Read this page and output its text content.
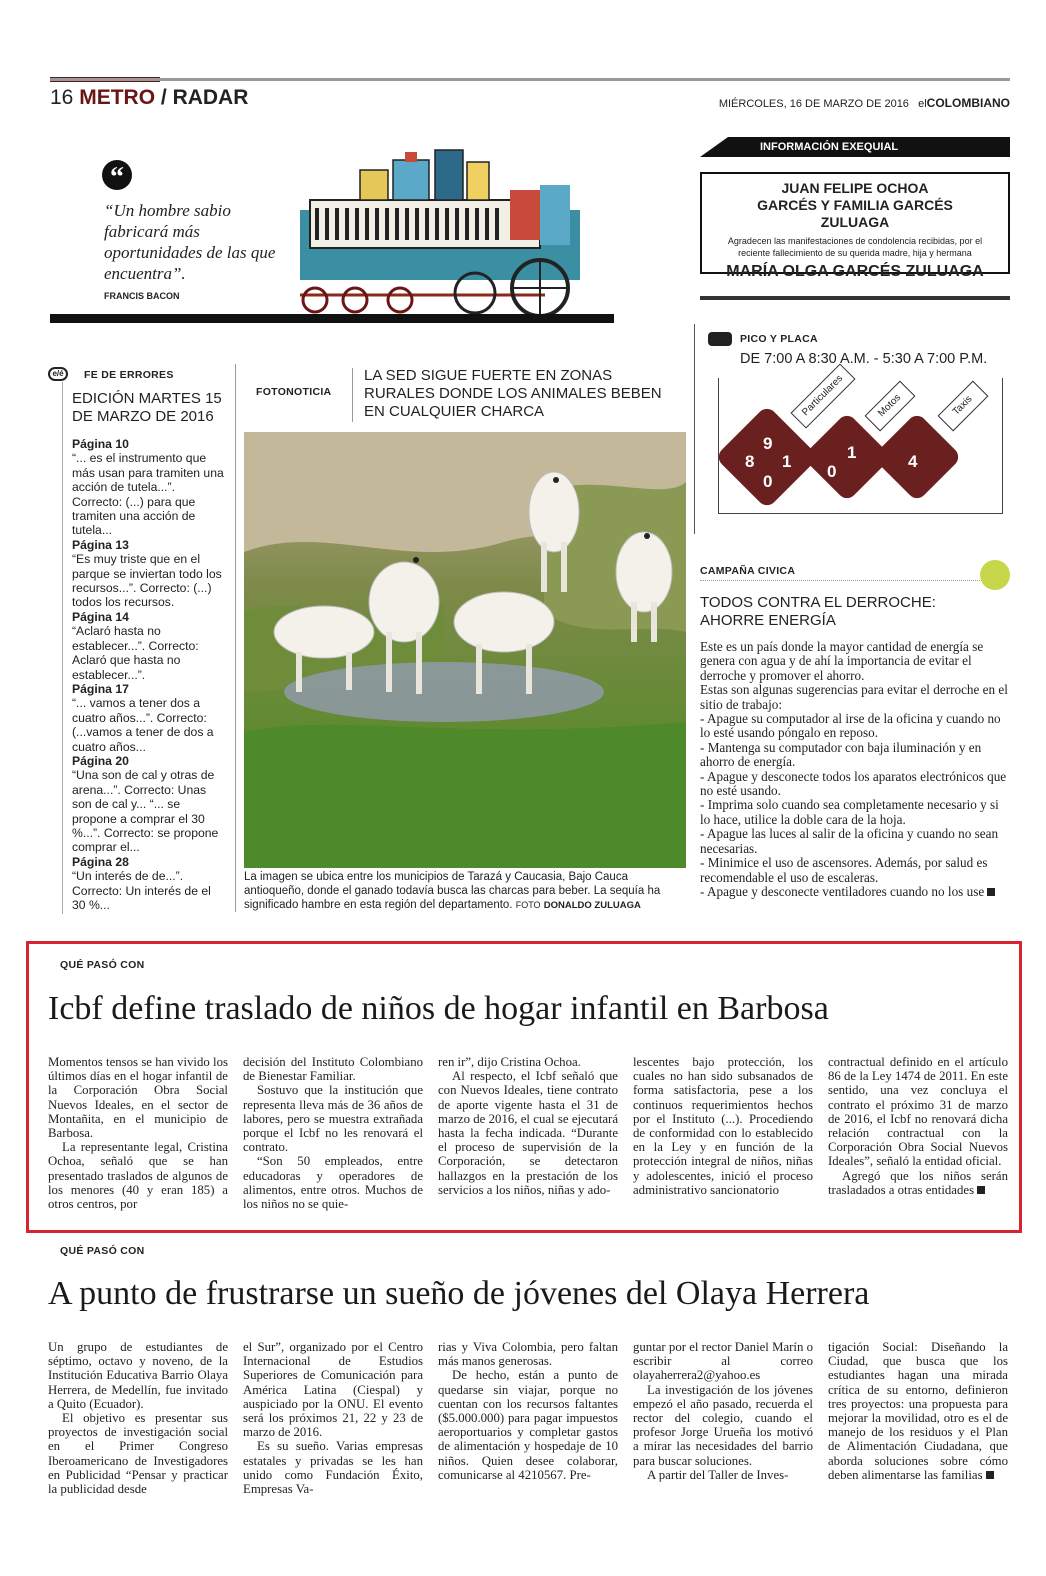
16 METRO / RADAR	MIÉRCOLES, 16 DE MARZO DE 2016 elCOLOMBIANO
“
“Un hombre sabio fabricará más oportunidades de las que encuentra”.
FRANCIS BACON
INFORMACIÓN EXEQUIAL
JUAN FELIPE OCHOA GARCÉS Y FAMILIA GARCÉS ZULUAGA
Agradecen las manifestaciones de condolencia recibidas, por el reciente fallecimiento de su querida madre, hija y hermana
MARÍA OLGA GARCÉS ZULUAGA
PICO Y PLACA
DE 7:00 A 8:30 A.M. - 5:30 A 7:00 P.M.
Particulares
8
9
1
0
Motos
0
1
Taxis
4
e/é	FE DE ERRORES
EDICIÓN MARTES 15 DE MARZO DE 2016
Página 10
“... es el instrumento que más usan para tramiten una acción de tutela...”. Correcto: (...) para que tramiten una acción de tutela...
Página 13
“Es muy triste que en el parque se inviertan todo los recursos...”. Correcto: (...) todos los recursos.
Página 14
“Aclaró hasta no establecer...”. Correcto: Aclaró que hasta no establecer...”.
Página 17
“... vamos a tener dos a cuatro años...”. Correcto: (...vamos a tener de dos a cuatro años...
Página 20
“Una son de cal y otras de arena...”. Correcto: Unas son de cal y... “... se propone a comprar el 30 %...”. Correcto: se propone comprar el...
Página 28
“Un interés de de...”. Correcto: Un interés de el 30 %...
FOTONOTICIA
LA SED SIGUE FUERTE EN ZONAS RURALES DONDE LOS ANIMALES BEBEN EN CUALQUIER CHARCA
La imagen se ubica entre los municipios de Tarazá y Caucasia, Bajo Cauca antioqueño, donde el ganado todavía busca las charcas para beber. La sequía ha significado hambre en esta región del departamento. FOTO DONALDO ZULUAGA
CAMPAÑA CIVICA
TODOS CONTRA EL DERROCHE: AHORRE ENERGÍA
Este es un país donde la mayor cantidad de energía se genera con agua y de ahí la importancia de evitar el derroche y promover el ahorro.
Estas son algunas sugerencias para evitar el derroche en el sitio de trabajo:
- Apague su computador al irse de la oficina y cuando no lo esté usando póngalo en reposo.
- Mantenga su computador con baja iluminación y en ahorro de energía.
- Apague y desconecte todos los aparatos electrónicos que no esté usando.
- Imprima solo cuando sea completamente necesario y si lo hace, utilice la doble cara de la hoja.
- Apague las luces al salir de la oficina y cuando no sean necesarias.
- Minimice el uso de ascensores. Además, por salud es recomendable el uso de escaleras.
- Apague y desconecte ventiladores cuando no los use
QUÉ PASÓ CON
Icbf define traslado de niños de hogar infantil en Barbosa

Momentos tensos se han vivido los últimos días en el hogar infantil de la Corporación Obra Social Nuevos Ideales, en el sector de Montañita, en el municipio de Barbosa.

La representante legal, Cristina Ochoa, señaló que se han presentado traslados de algunos de los menores (40 y eran 185) a otros centros, por

decisión del Instituto Colombiano de Bienestar Familiar.

Sostuvo que la institución que representa lleva más de 36 años de labores, pero se muestra extrañada porque el Icbf no les renovará el contrato.

“Son 50 empleados, entre educadoras y operadores de alimentos, entre otros. Muchos de los niños no se quie-

ren ir”, dijo Cristina Ochoa.

Al respecto, el Icbf señaló que con Nuevos Ideales, tiene contrato de aporte vigente hasta el 31 de marzo de 2016, el cual se ejecutará hasta la fecha indicada. “Durante el proceso de supervisión de la Corporación, se detectaron hallazgos en la prestación de los servicios a los niños, niñas y ado-

lescentes bajo protección, los cuales no han sido subsanados de forma satisfactoria, pese a los continuos requerimientos hechos por el Instituto (...). Procediendo de conformidad con lo establecido en la Ley y en función de la protección integral de niños, niñas y adolescentes, inició el proceso administrativo sancionatorio

contractual definido en el artículo 86 de la Ley 1474 de 2011. En este sentido, una vez concluya el contrato el próximo 31 de marzo de 2016, el Icbf no renovará dicha relación contractual con la Corporación Obra Social Nuevos Ideales”, señaló la entidad oficial.

Agregó que los niños serán trasladados a otras entidades

QUÉ PASÓ CON
A punto de frustrarse un sueño de jóvenes del Olaya Herrera

Un grupo de estudiantes de séptimo, octavo y noveno, de la Institución Educativa Barrio Olaya Herrera, de Medellín, fue invitado a Quito (Ecuador).

El objetivo es presentar sus proyectos de investigación social en el Primer Congreso Iberoamericano de Investigadores en Publicidad “Pensar y practicar la publicidad desde

el Sur”, organizado por el Centro Internacional de Estudios Superiores de Comunicación para América Latina (Ciespal) y auspiciado por la ONU. El evento será los próximos 21, 22 y 23 de marzo de 2016.

Es su sueño. Varias empresas estatales y privadas se les han unido como Fundación Éxito, Empresas Va-

rias y Viva Colombia, pero faltan más manos generosas.

De hecho, están a punto de quedarse sin viajar, porque no cuentan con los recursos faltantes ($5.000.000) para pagar impuestos aeroportuarios y completar gastos de alimentación y hospedaje de 10 niños. Quien desee colaborar, comunicarse al 4210567. Pre-

guntar por el rector Daniel Marín o escribir al correo olayaherrera2@yahoo.es

La investigación de los jóvenes empezó el año pasado, recuerda el rector del colegio, cuando el profesor Jorge Urueña los motivó a mirar las necesidades del barrio para buscar soluciones.

A partir del Taller de Inves-

tigación Social: Diseñando la Ciudad, que busca que los estudiantes hagan una mirada crítica de su entorno, definieron tres proyectos: una propuesta para mejorar la movilidad, otro es el de manejo de los residuos y el Plan de Alimentación Ciudadana, que aborda soluciones sobre cómo deben alimentarse las familias
